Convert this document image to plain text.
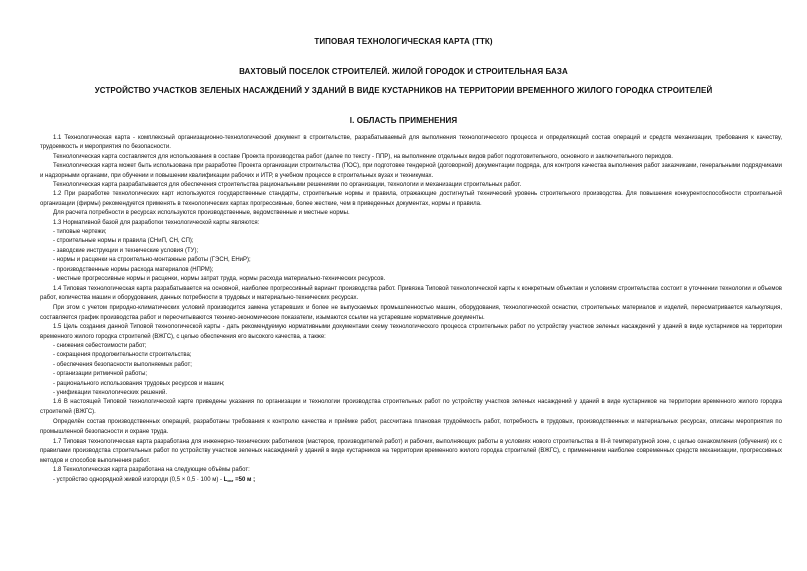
ТИПОВАЯ ТЕХНОЛОГИЧЕСКАЯ КАРТА (ТТК)
ВАХТОВЫЙ ПОСЕЛОК СТРОИТЕЛЕЙ. ЖИЛОЙ ГОРОДОК И СТРОИТЕЛЬНАЯ БАЗА
УСТРОЙСТВО УЧАСТКОВ ЗЕЛЕНЫХ НАСАЖДЕНИЙ У ЗДАНИЙ В ВИДЕ КУСТАРНИКОВ НА ТЕРРИТОРИИ ВРЕМЕННОГО ЖИЛОГО ГОРОДКА СТРОИТЕЛЕЙ
I. ОБЛАСТЬ ПРИМЕНЕНИЯ

1.1 Технологическая карта - комплексный организационно-технологический документ в строительстве, разрабатываемый для выполнения технологического процесса и определяющий состав операций и средств механизации, требования к качеству, трудоемкость и мероприятия по безопасности.

Технологическая карта составляется для использования в составе Проекта производства работ (далее по тексту - ППР), на выполнение отдельных видов работ подготовительного, основного и заключительного периодов.

Технологическая карта может быть использована при разработке Проекта организации строительства (ПОС), при подготовке тендерной (договорной) документации подряда, для контроля качества выполнения работ заказчиками, генеральными подрядчиками и надзорными органами, при обучении и повышении квалификации рабочих и ИТР, в учебном процессе в строительных вузах и техникумах.

Технологическая карта разрабатывается для обеспечения строительства рациональными решениями по организации, технологии и механизации строительных работ.

1.2 При разработке технологических карт используются государственные стандарты, строительные нормы и правила, отражающие достигнутый технический уровень строительного производства. Для повышения конкурентоспособности строительной организации (фирмы) рекомендуется применять в технологических картах прогрессивные, более жесткие, чем в приведенных документах, нормы и правила.

Для расчета потребности в ресурсах используются производственные, ведомственные и местные нормы.

1.3 Нормативной базой для разработки технологической карты являются:

- типовые чертежи;

- строительные нормы и правила (СНиП, СН, СП);

- заводские инструкции и технические условия (ТУ);

- нормы и расценки на строительно-монтажные работы (ГЭСН, ЕНиР);

- производственные нормы расхода материалов (НПРМ);

- местные прогрессивные нормы и расценки, нормы затрат труда, нормы расхода материально-технических ресурсов.

1.4 Типовая технологическая карта разрабатывается на основной, наиболее прогрессивный вариант производства работ. Привязка Типовой технологической карты к конкретным объектам и условиям строительства состоит в уточнении технологии и объемов работ, количества машин и оборудования, данных потребности в трудовых и материально-технических ресурсах.

При этом с учетом природно-климатических условий производится замена устаревших и более не выпускаемых промышленностью машин, оборудования, технологической оснастки, строительных материалов и изделий, пересматривается калькуляция, составляется график производства работ и пересчитываются технико-экономические показатели, изымаются ссылки на устаревшие нормативные документы.

1.5 Цель создания данной Типовой технологической карты - дать рекомендуемую нормативными документами схему технологического процесса строительных работ по устройству участков зеленых насаждений у зданий в виде кустарников на территории временного жилого городка строителей (ВЖГС), с целью обеспечения его высокого качества, а также:

- снижения себестоимости работ;

- сокращения продолжительности строительства;

- обеспечения безопасности выполняемых работ;

- организации ритмичной работы;

- рационального использования трудовых ресурсов и машин;

- унификации технологических решений.

1.6 В настоящей Типовой технологической карте приведены указания по организации и технологии производства строительных работ по устройству участков зеленых насаждений у зданий в виде кустарников на территории временного жилого городка строителей (ВЖГС).

Определён состав производственных операций, разработаны требования к контролю качества и приёмке работ, рассчитана плановая трудоёмкость работ, потребность в трудовых, производственных и материальных ресурсах, описаны мероприятия по промышленной безопасности и охране труда.

1.7 Типовая технологическая карта разработана для инженерно-технических работников (мастеров, производителей работ) и рабочих, выполняющих работы в условиях нового строительства в III-й температурной зоне, с целью ознакомления (обучения) их с правилами производства строительных работ по устройству участков зеленых насаждений у зданий в виде кустарников на территории временного жилого городка строителей (ВЖГС), с применением наиболее современных средств механизации, прогрессивных методов и способов выполнения работ.

1.8 Технологическая карта разработана на следующие объёмы работ:

- устройство однорядной живой изгороди (0,5 × 0,5 · 100 $м) - L_{изг} =50$ м ;
